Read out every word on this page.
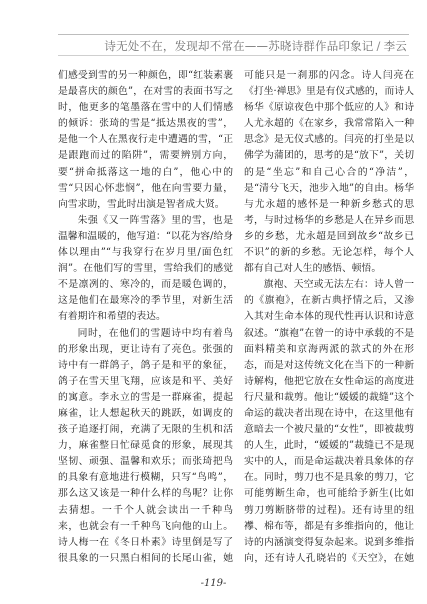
诗无处不在，发现却不常在——苏晓诗群作品印象记 / 李云

们感受到雪的另一种颜色，即“红装素裹是最喜庆的颜色”，在对雪的表面书写之时，他更多的笔墨落在雪中的人们情感的倾诉：张琦的雪是“抵达黑夜的雪”，是他一个人在黑夜行走中遭遇的雪，“正是跟跑而过的陷阱”，需要辨别方向，要“拼命抵落这一地的白”，他心中的雪“只因心怀悲悯”，他在向雪要力量，向雪求助，雪此时出演是智者成大贤。

朱强《又一阵雪落》里的雪，也是温馨和温暖的，他写道：“以花为容/给身体以理由”“与我穿行在岁月里/面色红润”。在他们写的雪里，雪给我们的感觉不是凛冽的、寒冷的，而是暖色调的，这是他们在最寒冷的季节里，对新生活有着期许和希望的表达。

同时，在他们的雪题诗中均有着鸟的形象出现，更让诗有了亮色。张强的诗中有一群鸽子，鸽子是和平的象征，鸽子在雪天里飞翔，应该是和平、美好的寓意。李永立的雪是一群麻雀，提起麻雀，让人想起秋天的跳跃，如调皮的孩子追逐打闹，充满了无限的生机和活力，麻雀整日忙碌觅食的形象，展现其坚韧、顽强、温馨和欢乐；而张琦把鸟的具象有意地进行模糊，只写“鸟鸣”，那么这又该是一种什么样的鸟呢？让你去猜想。一千个人就会读出一千种鸟来，也就会有一千种鸟飞向他的山上。诗人梅一在《冬日朴素》诗里倒是写了很具象的一只黑白相间的长尾山雀，她

可能只是一刹那的闪念。诗人闫亮在《打坐·禅思》里是有仪式感的，而诗人杨华《原谅夜色中那个低应的人》和诗人尤永超的《在家乡，我常常陷入一种思念》是无仪式感的。闫亮的打坐是以佛学为蒲团的，思考的是“放下”，关切的是“坐忘”和自己心合的“净洁”，是“清兮飞天，池步入地”的自由。杨华与尤永超的感怀是一种新乡愁式的思考，与时过杨华的乡愁是人在异乡而思乡的乡愁，尤永超是回到故乡“故乡已不识”的新的乡愁。无论怎样，每个人都有自己对人生的感悟、顿悟。

旗袍、天空或无法左右：诗人曾一的《旗袍》，在新古典抒情之后，又渗入其对生命本体的现代性再认识和诗意叙述。“旗袍”在曾一的诗中承载的不是面料精美和京海两派的款式的外在形态，而是对这传统文化在当下的一种新诗解构，他把它放在女性命运的高度进行尺量和裁剪。他让“媛媛的裁缝”这个命运的裁决者出现在诗中，在这里他有意暗去一个被尺量的“女性”，即被裁剪的人生，此时，“媛媛的”裁缝已不是现实中的人，而是命运裁决着具象体的存在。同时，剪刀也不是具象的剪刀，它可能剪断生命，也可能给予新生(比如剪刀剪断脐带的过程)。还有诗里的纽襻、棉布等，都是有多维指向的，他让诗的内涵演变得复杂起来。说到多维指向，还有诗人孔晓岩的《天空》，在她

-119-
